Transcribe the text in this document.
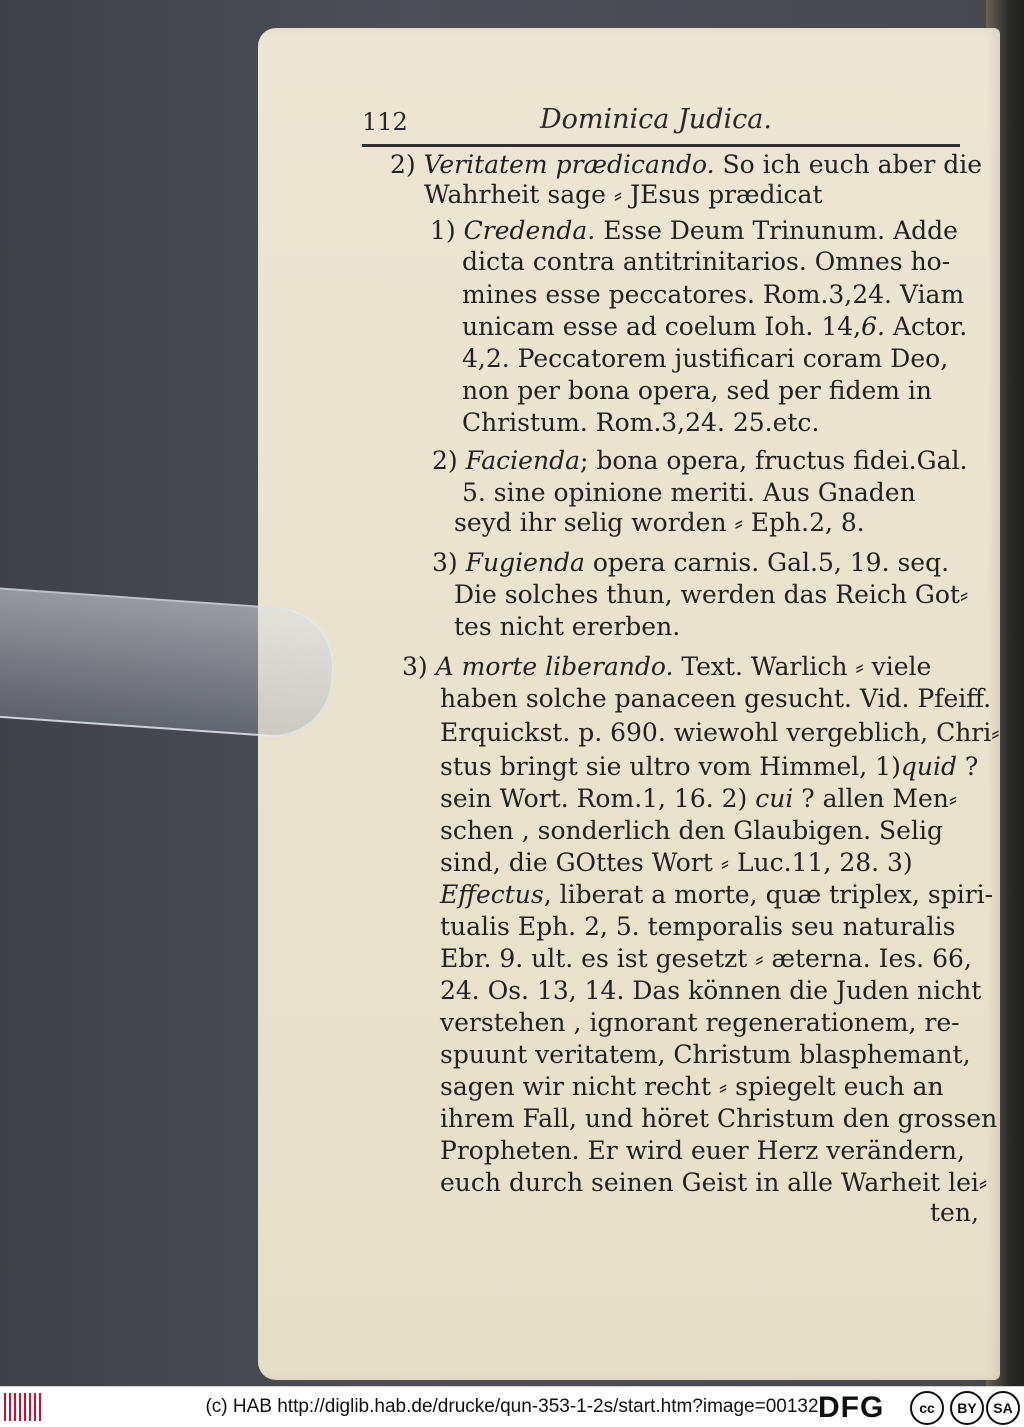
112	Dominica Judica.
2) Veritatem prædicando. So ich euch aber die
Wahrheit sage ⸗ JEsus prædicat
1) Credenda. Esse Deum Trinunum. Adde
dicta contra antitrinitarios. Omnes ho-
mines esse peccatores. Rom.3,24. Viam
unicam esse ad coelum Ioh. 14,6. Actor.
4,2. Peccatorem justificari coram Deo,
non per bona opera, sed per fidem in
Christum. Rom.3,24. 25.etc.
2) Facienda; bona opera, fructus fidei.Gal.
5. sine opinione meriti. Aus Gnaden
seyd ihr selig worden ⸗ Eph.2, 8.
3) Fugienda opera carnis. Gal.5, 19. seq.
Die solches thun, werden das Reich Got⸗
tes nicht ererben.
3) A morte liberando. Text. Warlich ⸗ viele
haben solche panaceen gesucht. Vid. Pfeiff.
Erquickst. p. 690. wiewohl vergeblich, Chri⸗
stus bringt sie ultro vom Himmel, 1)quid ?
sein Wort. Rom.1, 16. 2) cui ? allen Men⸗
schen , sonderlich den Glaubigen. Selig
sind, die GOttes Wort ⸗ Luc.11, 28. 3)
Effectus, liberat a morte, quæ triplex, spiri-
tualis Eph. 2, 5. temporalis seu naturalis
Ebr. 9. ult. es ist gesetzt ⸗ æterna. Ies. 66,
24. Os. 13, 14. Das können die Juden nicht
verstehen , ignorant regenerationem, re-
spuunt veritatem, Christum blasphemant,
sagen wir nicht recht ⸗ spiegelt euch an
ihrem Fall, und höret Christum den grossen
Propheten. Er wird euer Herz verändern,
euch durch seinen Geist in alle Warheit lei⸗
ten,
(c) HAB http://diglib.hab.de/drucke/qun-353-1-2s/start.htm?image=00132 DFG	cc	BY	SA
